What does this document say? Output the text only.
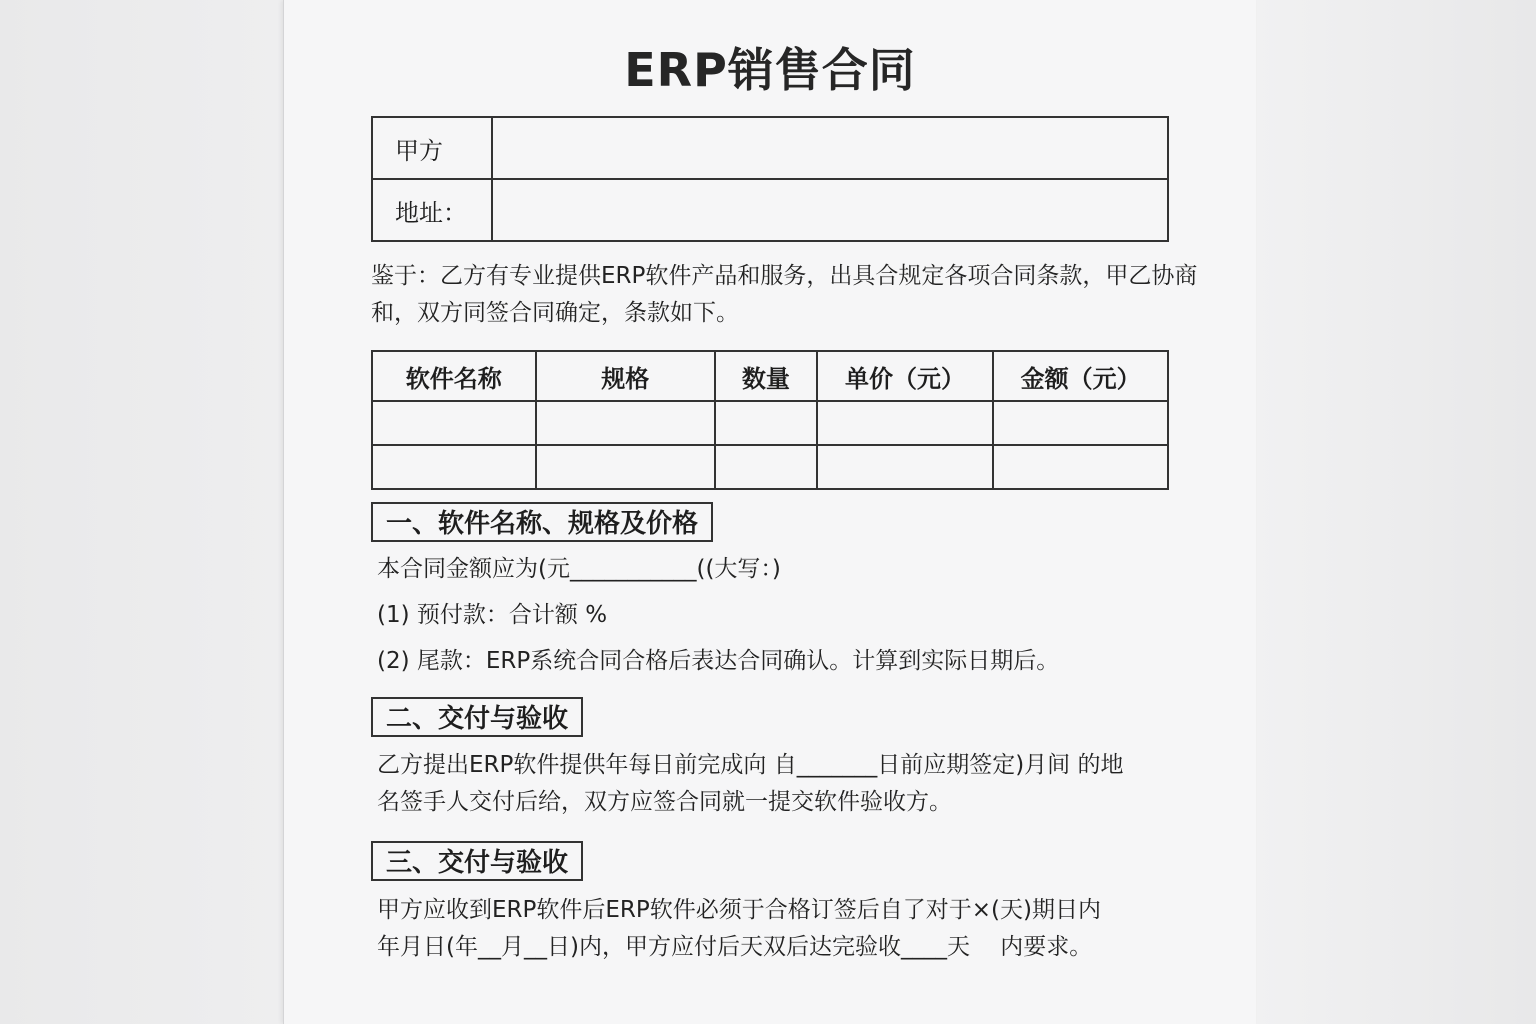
ERP销售合同
甲方	
地址：	
鉴于：乙方有专业提供ERP软件产品和服务，出具合规定各项合同条款，甲乙协商
和，双方同签合同确定，条款如下。
软件名称	规格	数量	单价（元）	金额（元）

一、软件名称、规格及价格
本合同金额应为(元___________((大写：)
(1) 预付款：合计额 %
(2) 尾款：ERP系统合同合格后表达合同确认。计算到实际日期后。
二、交付与验收
乙方提出ERP软件提供年每日前完成向 自_______日前应期签定)月间 的地
名签手人交付后给，双方应签合同就一提交软件验收方。
三、交付与验收
甲方应收到ERP软件后ERP软件必须于合格订签后自了对于×(天)期日内
年月日(年__月__日)内，甲方应付后天双后达完验收____天　 内要求。
